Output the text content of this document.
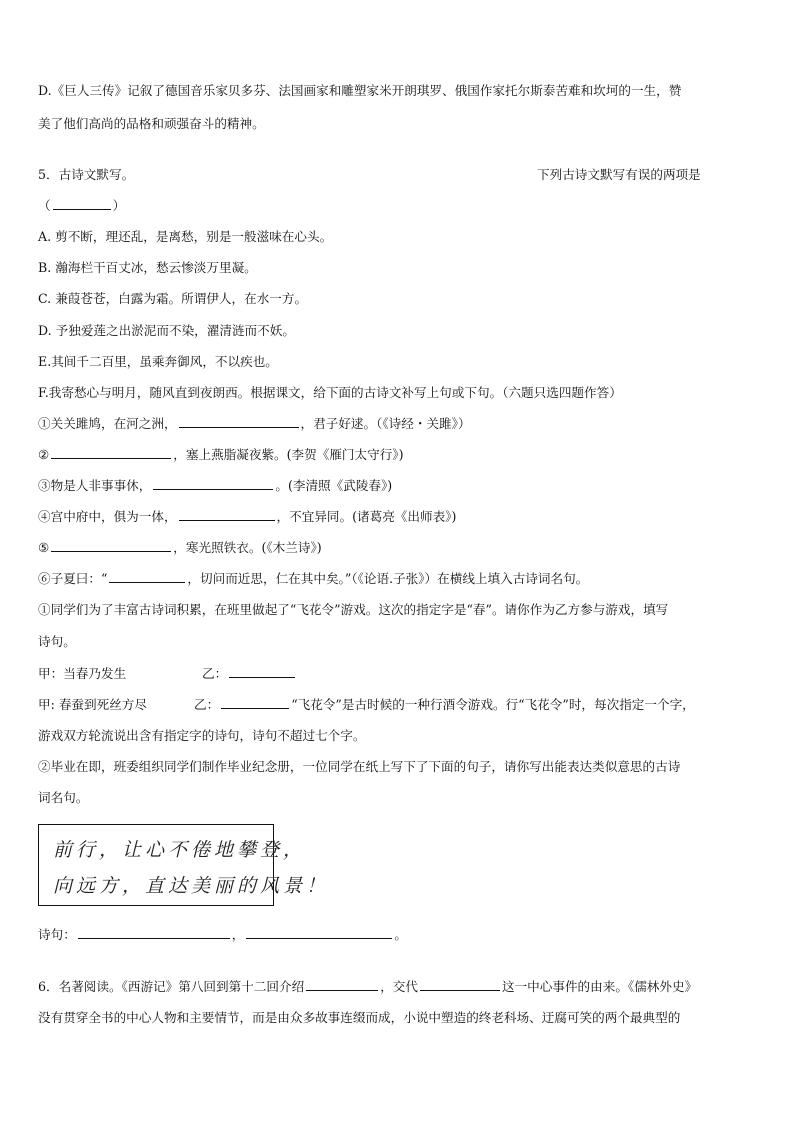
D.《巨人三传》记叙了德国音乐家贝多芬、法国画家和雕塑家米开朗琪罗、俄国作家托尔斯泰苦难和坎坷的一生，赞
美了他们高尚的品格和顽强奋斗的精神。
5．古诗文默写。	下列古诗文默写有误的两项是
（	）
A. 剪不断，理还乱，是离愁，别是一般滋味在心头。
B. 瀚海栏干百丈冰，愁云惨淡万里凝。
C. 兼葭苍苍，白露为霜。所谓伊人，在水一方。
D. 予独爱莲之出淤泥而不染，濯清涟而不妖。
E.其间千二百里，虽乘奔御风，不以疾也。
F.我寄愁心与明月，随风直到夜朗西。根据课文，给下面的古诗文补写上句或下句。（六题只选四题作答）
①关关雎鸠，在河之洲，	，君子好逑。（《诗经・关雎》）
②	，塞上燕脂凝夜紫。(李贺《雁门太守行》)
③物是人非事事休，	。(李清照《武陵春》)
④宫中府中，俱为一体，	，不宜异同。(诸葛亮《出师表》)
⑤	，寒光照铁衣。(《木兰诗》)
⑥子夏曰：“	，切问而近思，仁在其中矣。”（《论语.子张》）在横线上填入古诗词名句。
①同学们为了丰富古诗词积累，在班里做起了“飞花令”游戏。这次的指定字是“春”。请你作为乙方参与游戏，填写
诗句。
甲：当春乃发生	乙：
甲: 春蚕到死丝方尽	乙：	“飞花令”是古时候的一种行酒令游戏。行“飞花令”时，每次指定一个字，
游戏双方轮流说出含有指定字的诗句，诗句不超过七个字。
②毕业在即，班委组织同学们制作毕业纪念册，一位同学在纸上写下了下面的句子，请你写出能表达类似意思的古诗
词名句。
前行，让心不倦地攀登，
向远方，直达美丽的风景！
诗句：	，	。
6．名著阅读。《西游记》第八回到第十二回介绍	，交代	这一中心事件的由来。《儒林外史》
没有贯穿全书的中心人物和主要情节，而是由众多故事连缀而成，小说中塑造的终老科场、迂腐可笑的两个最典型的
